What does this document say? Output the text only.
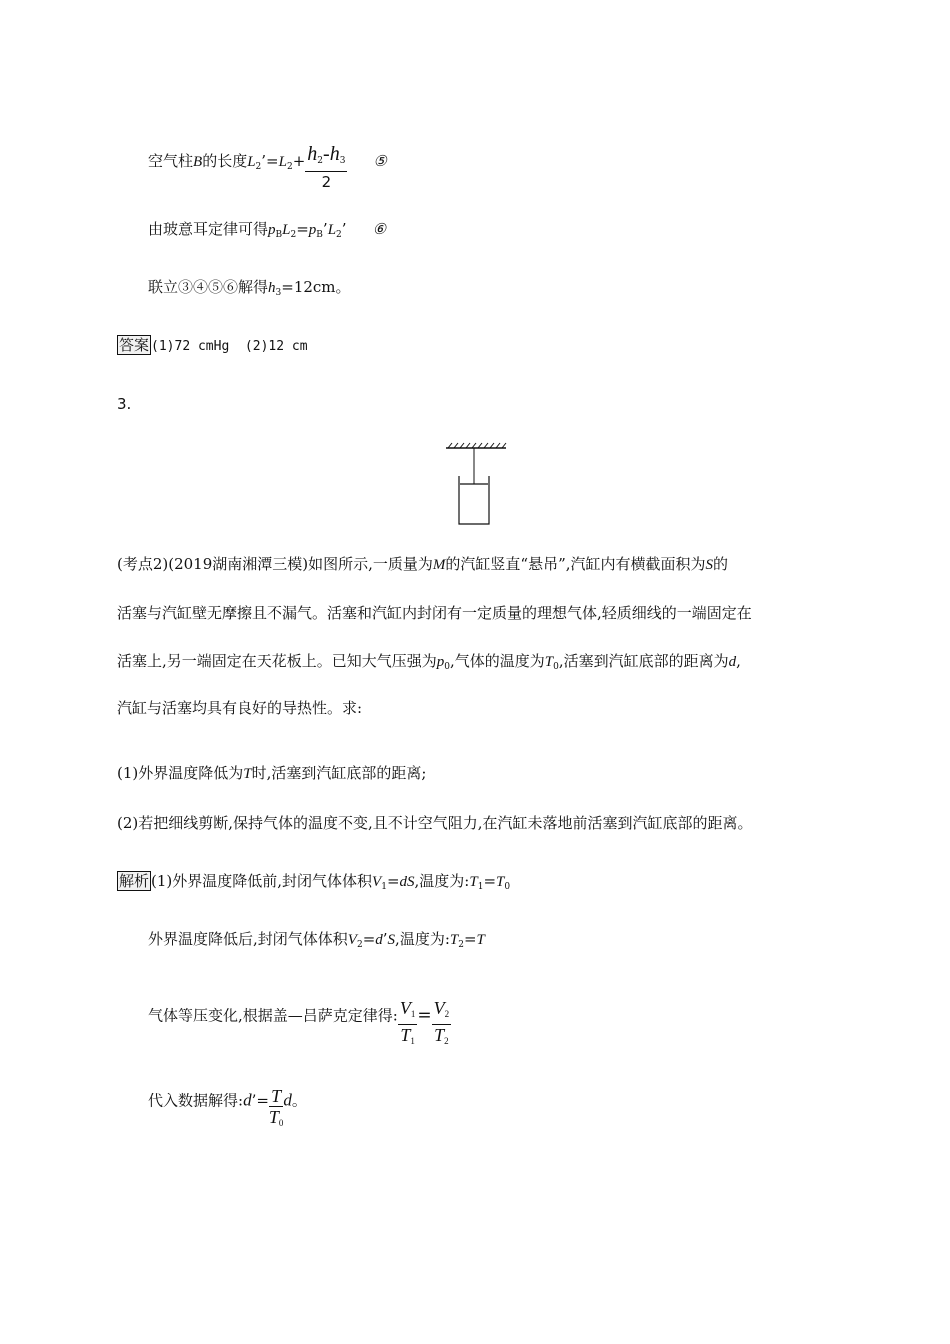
空气柱B的长度$L_2’=L_2+ \frac{h_2-h_3}{2}$ ⑤
由玻意耳定律可得$p_BL_2=p_B’L_2$’ ⑥
联立③④⑤⑥解得$h_3=12cm$。
答案 (1)72 cmHg  (2)12 cm
3.
(考点2)(2019湖南湘潭三模)如图所示,一质量为M的汽缸竖直“悬吊”,汽缸内有横截面积为S的
活塞与汽缸壁无摩擦且不漏气。活塞和汽缸内封闭有一定质量的理想气体,轻质细线的一端固定在
活塞上,另一端固定在天花板上。已知大气压强为$p_0$,气体的温度为$T_0$,活塞到汽缸底部的距离为d,
汽缸与活塞均具有良好的导热性。求:
(1)外界温度降低为T时,活塞到汽缸底部的距离;
(2)若把细线剪断,保持气体的温度不变,且不计空气阻力,在汽缸未落地前活塞到汽缸底部的距离。
解析 (1)外界温度降低前,封闭气体体积$V_1=dS$,温度为$:T_1=T_0$
外界温度降低后,封闭气体体积$V_2=d’S$,温度为$:T_2=T$
气体等压变化,根据盖—吕萨克定律得: $\frac{V_1}{T_1} = \frac{V_2}{T_2}$
代入数据解得:d’= $\frac{T}{T_0}$ d。
